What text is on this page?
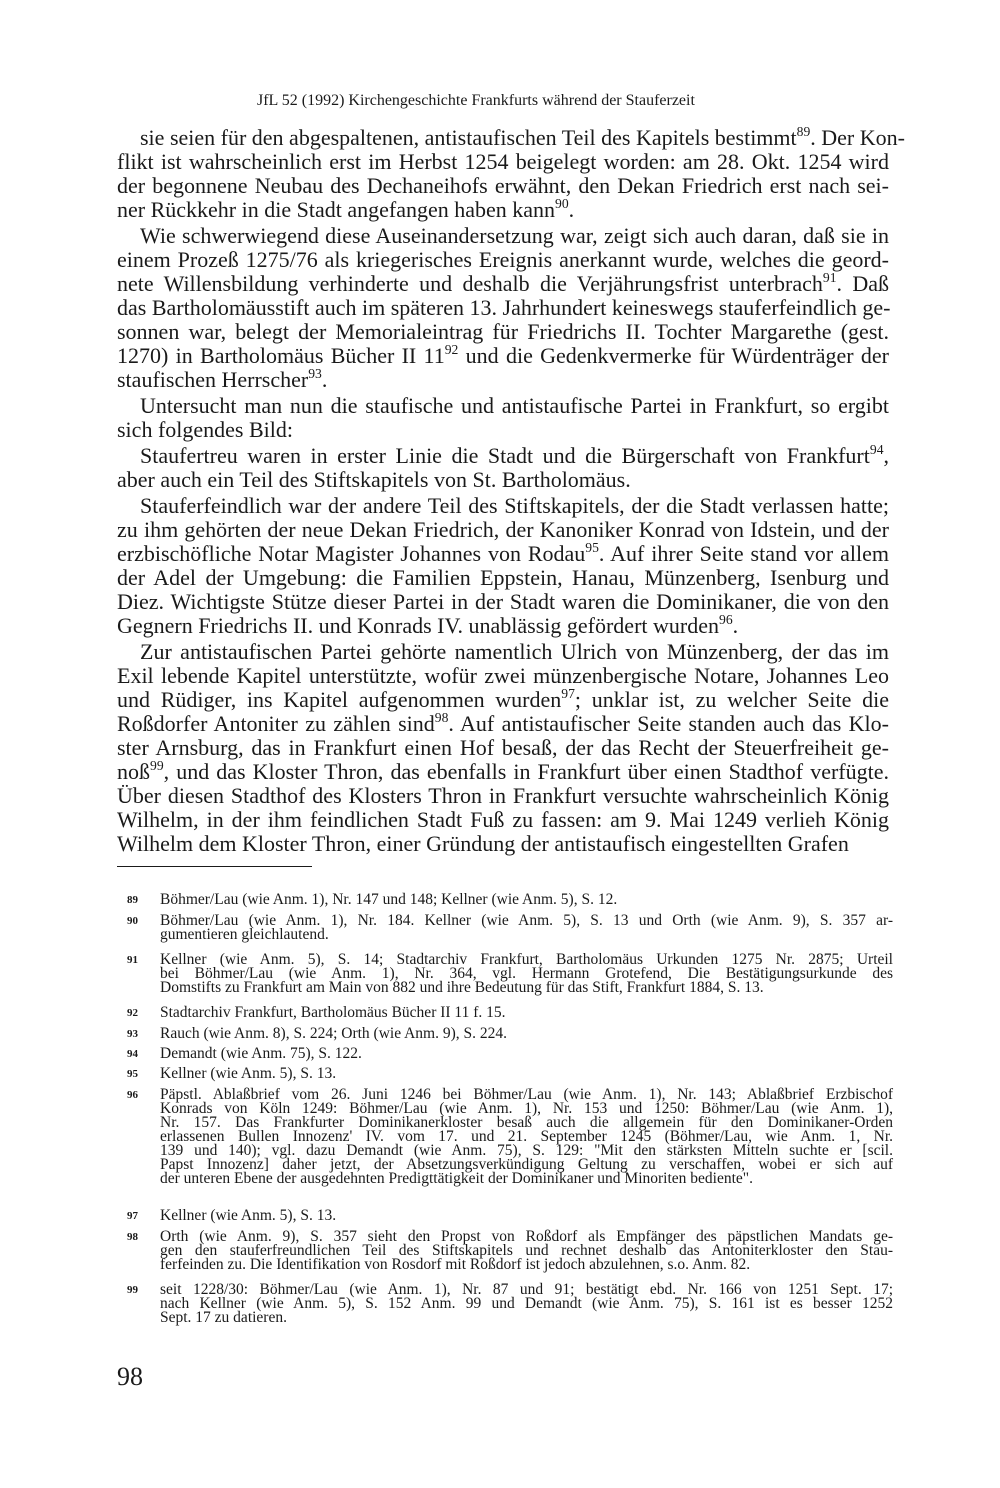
JfL 52 (1992) Kirchengeschichte Frankfurts während der Stauferzeit
sie seien für den abgespaltenen, antistaufischen Teil des Kapitels bestimmt$^{89}$. Der Kon-
flikt ist wahrscheinlich erst im Herbst 1254 beigelegt worden: am 28. Okt. 1254 wird
der begonnene Neubau des Dechaneihofs erwähnt, den Dekan Friedrich erst nach sei-
ner Rückkehr in die Stadt angefangen haben kann$^{90}$.
Wie schwerwiegend diese Auseinandersetzung war, zeigt sich auch daran, daß sie in
einem Prozeß 1275/76 als kriegerisches Ereignis anerkannt wurde, welches die geord-
nete Willensbildung verhinderte und deshalb die Verjährungsfrist unterbrach$^{91}$. Daß
das Bartholomäusstift auch im späteren 13. Jahrhundert keineswegs stauferfeindlich ge-
sonnen war, belegt der Memorialeintrag für Friedrichs II. Tochter Margarethe (gest.
1270) in Bartholomäus Bücher II $11^{92}$ und die Gedenkvermerke für Würdenträger der
staufischen Herrscher$^{93}$.
Untersucht man nun die staufische und antistaufische Partei in Frankfurt, so ergibt
sich folgendes Bild:
Staufertreu waren in erster Linie die Stadt und die Bürgerschaft von Frankfurt$^{94}$,
aber auch ein Teil des Stiftskapitels von St. Bartholomäus.
Stauferfeindlich war der andere Teil des Stiftskapitels, der die Stadt verlassen hatte;
zu ihm gehörten der neue Dekan Friedrich, der Kanoniker Konrad von Idstein, und der
erzbischöfliche Notar Magister Johannes von Rodau$^{95}$. Auf ihrer Seite stand vor allem
der Adel der Umgebung: die Familien Eppstein, Hanau, Münzenberg, Isenburg und
Diez. Wichtigste Stütze dieser Partei in der Stadt waren die Dominikaner, die von den
Gegnern Friedrichs II. und Konrads IV. unablässig gefördert wurden$^{96}$.
Zur antistaufischen Partei gehörte namentlich Ulrich von Münzenberg, der das im
Exil lebende Kapitel unterstützte, wofür zwei münzenbergische Notare, Johannes Leo
und Rüdiger, ins Kapitel aufgenommen wurden$^{97}$; unklar ist, zu welcher Seite die
Roßdorfer Antoniter zu zählen sind$^{98}$. Auf antistaufischer Seite standen auch das Klo-
ster Arnsburg, das in Frankfurt einen Hof besaß, der das Recht der Steuerfreiheit ge-
noß$^{99}$, und das Kloster Thron, das ebenfalls in Frankfurt über einen Stadthof verfügte.
Über diesen Stadthof des Klosters Thron in Frankfurt versuchte wahrscheinlich König
Wilhelm, in der ihm feindlichen Stadt Fuß zu fassen: am 9. Mai 1249 verlieh König
Wilhelm dem Kloster Thron, einer Gründung der antistaufisch eingestellten Grafen
89 Böhmer/Lau (wie Anm. 1), Nr. 147 und 148; Kellner (wie Anm. 5), S. 12.
90 Böhmer/Lau (wie Anm. 1), Nr. 184. Kellner (wie Anm. 5), S. 13 und Orth (wie Anm. 9), S. 357 ar-
gumentieren gleichlautend.
91 Kellner (wie Anm. 5), S. 14; Stadtarchiv Frankfurt, Bartholomäus Urkunden 1275 Nr. 2875; Urteil
bei Böhmer/Lau (wie Anm. 1), Nr. 364, vgl. Hermann Grotefend, Die Bestätigungsurkunde des
Domstifts zu Frankfurt am Main von 882 und ihre Bedeutung für das Stift, Frankfurt 1884, S. 13.
92 Stadtarchiv Frankfurt, Bartholomäus Bücher II 11 f. 15.
93 Rauch (wie Anm. 8), S. 224; Orth (wie Anm. 9), S. 224.
94 Demandt (wie Anm. 75), S. 122.
95 Kellner (wie Anm. 5), S. 13.
96 Päpstl. Ablaßbrief vom 26. Juni 1246 bei Böhmer/Lau (wie Anm. 1), Nr. 143; Ablaßbrief Erzbischof
Konrads von Köln 1249: Böhmer/Lau (wie Anm. 1), Nr. 153 und 1250: Böhmer/Lau (wie Anm. 1),
Nr. 157. Das Frankfurter Dominikanerkloster besaß auch die allgemein für den Dominikaner-Orden
erlassenen Bullen Innozenz' IV. vom 17. und 21. September 1245 (Böhmer/Lau, wie Anm. 1, Nr.
139 und 140); vgl. dazu Demandt (wie Anm. 75), S. 129: "Mit den stärksten Mitteln suchte er [scil.
Papst Innozenz] daher jetzt, der Absetzungsverkündigung Geltung zu verschaffen, wobei er sich auf
der unteren Ebene der ausgedehnten Predigttätigkeit der Dominikaner und Minoriten bediente".
97 Kellner (wie Anm. 5), S. 13.
98 Orth (wie Anm. 9), S. 357 sieht den Propst von Roßdorf als Empfänger des päpstlichen Mandats ge-
gen den stauferfreundlichen Teil des Stiftskapitels und rechnet deshalb das Antoniterkloster den Stau-
ferfeinden zu. Die Identifikation von Rosdorf mit Roßdorf ist jedoch abzulehnen, s.o. Anm. 82.
99 seit 1228/30: Böhmer/Lau (wie Anm. 1), Nr. 87 und 91; bestätigt ebd. Nr. 166 von 1251 Sept. 17;
nach Kellner (wie Anm. 5), S. 152 Anm. 99 und Demandt (wie Anm. 75), S. 161 ist es besser 1252
Sept. 17 zu datieren.
98
